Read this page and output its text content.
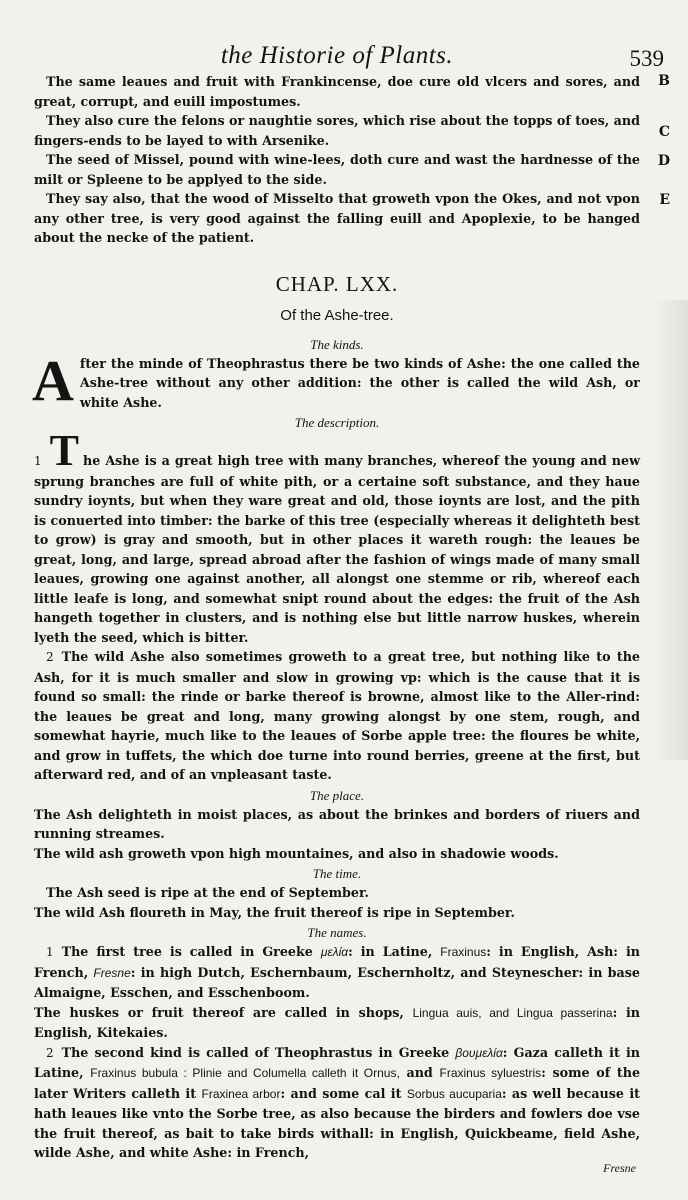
the Historie of Plants.	539

The same leaues and fruit with Frankincense, doe cure old vlcers and sores, and great, corrupt, and euill impostumes.
B

They also cure the felons or naughtie sores, which rise about the topps of toes, and fingers-ends to be layed to with Arsenike.	C

The seed of Missel, pound with wine-lees, doth cure and wast the hardnesse of the milt or Spleene to be applyed to the side.
D

They say also, that the wood of Misselto that groweth vpon the Okes, and not vpon any other tree, is very good against the falling euill and Apoplexie, to be hanged about the necke of the patient.
E

CHAP. LXX.
Of the Ashe-tree.
The kinds.

A fter the minde of Theophrastus there be two kinds of Ashe: the one called the Ashe-tree without any other addition: the other is called the wild Ash, or white Ashe.

The description.

1 T he Ashe is a great high tree with many branches, whereof the young and new sprung branches are full of white pith, or a certaine soft substance, and they haue sundry ioynts, but when they ware great and old, those ioynts are lost, and the pith is conuerted into timber: the barke of this tree (especially whereas it delighteth best to grow) is gray and smooth, but in other places it wareth rough: the leaues be great, long, and large, spread abroad after the fashion of wings made of many small leaues, growing one against another, all alongst one stemme or rib, whereof each little leafe is long, and somewhat snipt round about the edges: the fruit of the Ash hangeth together in clusters, and is nothing else but little narrow huskes, wherein lyeth the seed, which is bitter.

2 The wild Ashe also sometimes groweth to a great tree, but nothing like to the Ash, for it is much smaller and slow in growing vp: which is the cause that it is found so small: the rinde or barke thereof is browne, almost like to the Aller-rind: the leaues be great and long, many growing alongst by one stem, rough, and somewhat hayrie, much like to the leaues of Sorbe apple tree: the floures be white, and grow in tuffets, the which doe turne into round berries, greene at the first, but afterward red, and of an vnpleasant taste.

The place.

The Ash delighteth in moist places, as about the brinkes and borders of riuers and running streames.

The wild ash groweth vpon high mountaines, and also in shadowie woods.

The time.

The Ash seed is ripe at the end of September.

The wild Ash floureth in May, the fruit thereof is ripe in September.

The names.

1 The first tree is called in Greeke μελία: in Latine, Fraxinus: in English, Ash: in French, Fresne: in high Dutch, Eschernbaum, Eschernholtz, and Steynescher: in base Almaigne, Esschen, and Esschenboom.

The huskes or fruit thereof are called in shops, Lingua auis, and Lingua passerina: in English, Kitekaies.

2 The second kind is called of Theophrastus in Greeke βουμελία: Gaza calleth it in Latine, Fraxinus bubula : Plinie and Columella calleth it Ornus, and Fraxinus syluestris: some of the later Writers calleth it Fraxinea arbor: and some cal it Sorbus aucuparia: as well because it hath leaues like vnto the Sorbe tree, as also because the birders and fowlers doe vse the fruit thereof, as bait to take birds withall: in English, Quickbeame, field Ashe, wilde Ashe, and white Ashe: in French,

Fresne
